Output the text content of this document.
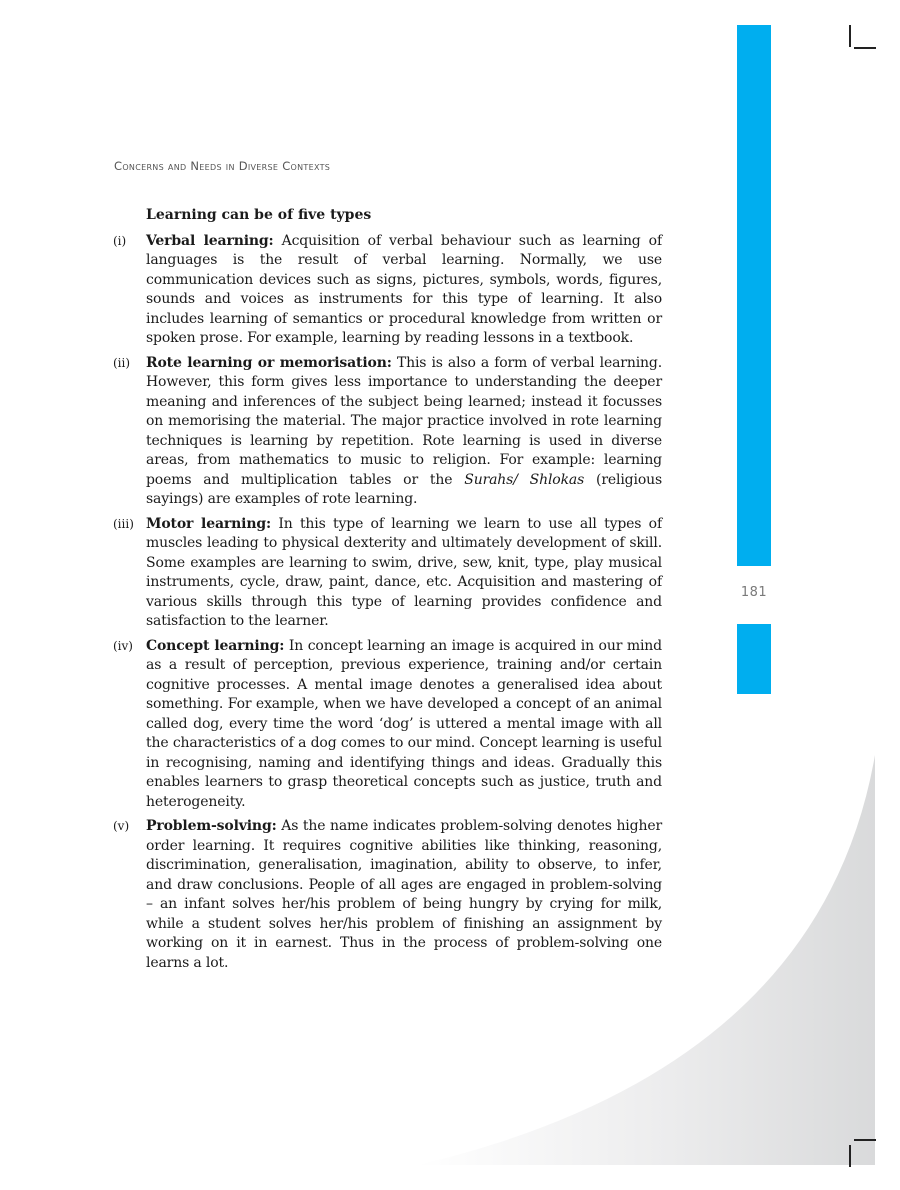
181
Concerns and Needs in Diverse Contexts
Learning can be of five types
(i)	Verbal learning: Acquisition of verbal behaviour such as learning of languages is the result of verbal learning. Normally, we use communication devices such as signs, pictures, symbols, words, figures, sounds and voices as instruments for this type of learning. It also includes learning of semantics or procedural knowledge from written or spoken prose. For example, learning by reading lessons in a textbook.
(ii)	Rote learning or memorisation: This is also a form of verbal learning. However, this form gives less importance to understanding the deeper meaning and inferences of the subject being learned; instead it focusses on memorising the material. The major practice involved in rote learning techniques is learning by repetition. Rote learning is used in diverse areas, from mathematics to music to religion. For example: learning poems and multiplication tables or the Surahs/ Shlokas (religious sayings) are examples of rote learning.
(iii) Motor learning: In this type of learning we learn to use all types of muscles leading to physical dexterity and ultimately development of skill. Some examples are learning to swim, drive, sew, knit, type, play musical instruments, cycle, draw, paint, dance, etc. Acquisition and mastering of various skills through this type of learning provides confidence and satisfaction to the learner.
(iv) Concept learning: In concept learning an image is acquired in our mind as a result of perception, previous experience, training and/or certain cognitive processes. A mental image denotes a generalised idea about something. For example, when we have developed a concept of an animal called dog, every time the word ‘dog’ is uttered a mental image with all the characteristics of a dog comes to our mind. Concept learning is useful in recognising, naming and identifying things and ideas. Gradually this enables learners to grasp theoretical concepts such as justice, truth and heterogeneity.
(v)	Problem-solving: As the name indicates problem-solving denotes higher order learning. It requires cognitive abilities like thinking, reasoning, discrimination, generalisation, imagination, ability to observe, to infer, and draw conclusions. People of all ages are engaged in problem-solving – an infant solves her/his problem of being hungry by crying for milk, while a student solves her/his problem of finishing an assignment by working on it in earnest. Thus in the process of problem-solving one learns a lot.
